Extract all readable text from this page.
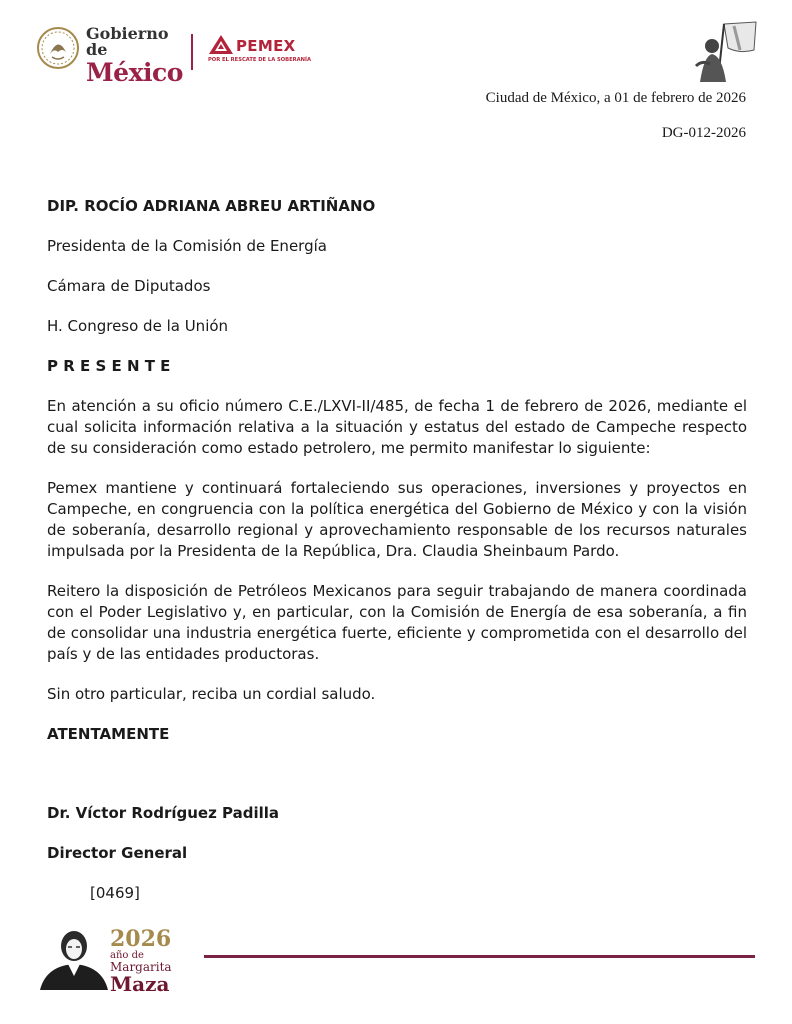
Gobierno de
México
PEMEX
POR EL RESCATE DE LA SOBERANÍA
Ciudad de México, a 01 de febrero de 2026
DG-012-2026

DIP. ROCÍO ADRIANA ABREU ARTIÑANO

Presidenta de la Comisión de Energía

Cámara de Diputados

H. Congreso de la Unión

P R E S E N T E

En atención a su oficio número C.E./LXVI-II/485, de fecha 1 de febrero de 2026, mediante el cual solicita información relativa a la situación y estatus del estado de Campeche respecto de su consideración como estado petrolero, me permito manifestar lo siguiente:

Pemex mantiene y continuará fortaleciendo sus operaciones, inversiones y proyectos en Campeche, en congruencia con la política energética del Gobierno de México y con la visión de soberanía, desarrollo regional y aprovechamiento responsable de los recursos naturales impulsada por la Presidenta de la República, Dra. Claudia Sheinbaum Pardo.

Reitero la disposición de Petróleos Mexicanos para seguir trabajando de manera coordinada con el Poder Legislativo y, en particular, con la Comisión de Energía de esa soberanía, a fin de consolidar una industria energética fuerte, eficiente y comprometida con el desarrollo del país y de las entidades productoras.

Sin otro particular, reciba un cordial saludo.

ATENTAMENTE

Dr. Víctor Rodríguez Padilla

Director General

[0469]

2026
año de
Margarita
Maza
